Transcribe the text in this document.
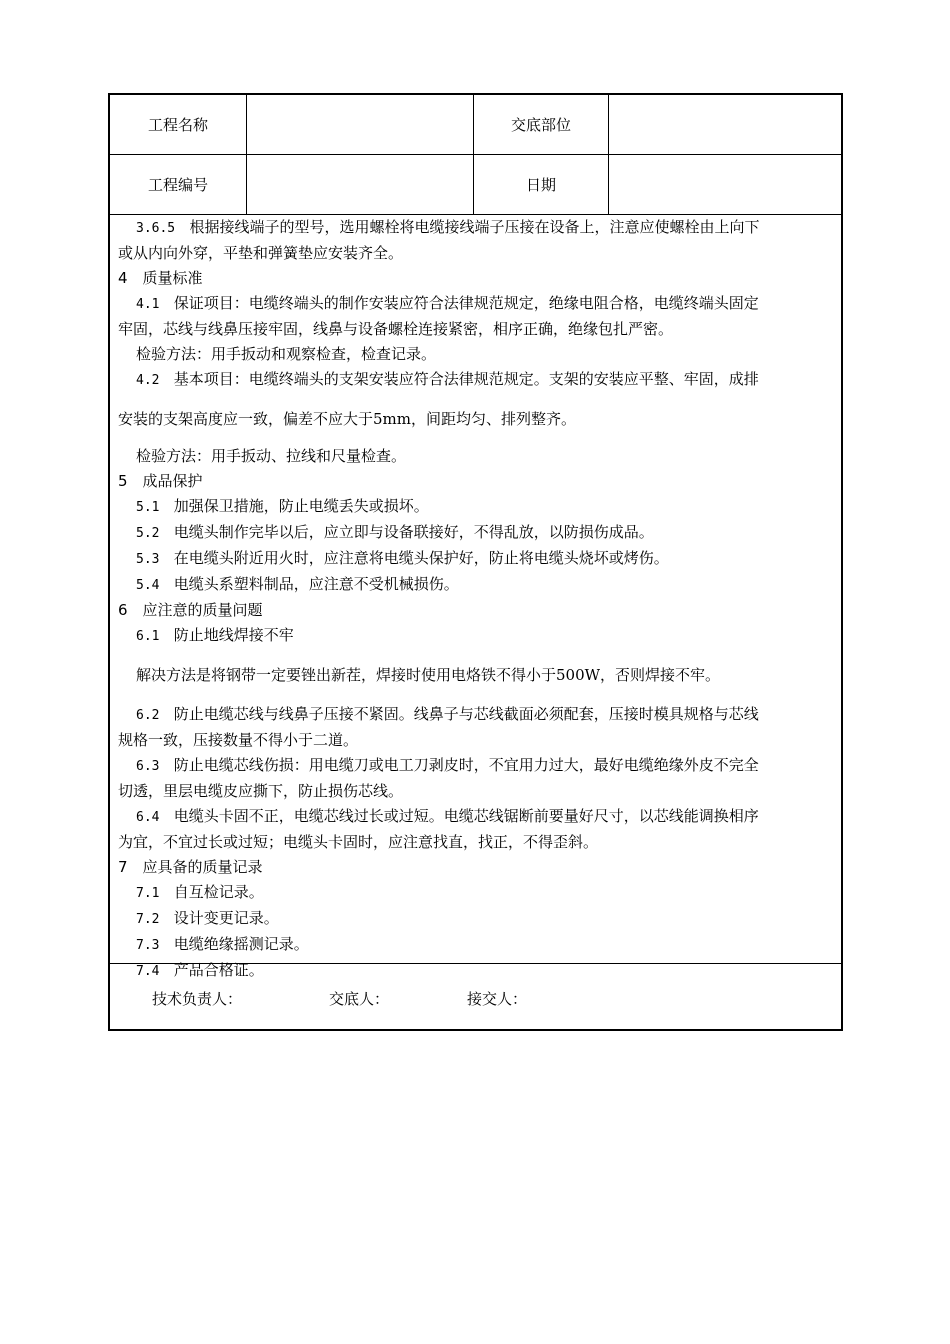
工程名称	交底部位
工程编号	日期

3.6.5 根据接线端子的型号，选用螺栓将电缆接线端子压接在设备上，注意应使螺栓由上向下

或从内向外穿，平垫和弹簧垫应安装齐全。

4　质量标准

4.1 保证项目：电缆终端头的制作安装应符合法律规范规定，绝缘电阻合格，电缆终端头固定

牢固，芯线与线鼻压接牢固，线鼻与设备螺栓连接紧密，相序正确，绝缘包扎严密。

检验方法：用手扳动和观察检查，检查记录。

4.2 基本项目：电缆终端头的支架安装应符合法律规范规定。支架的安装应平整、牢固，成排

安装的支架高度应一致，偏差不应大于5mm，间距均匀、排列整齐。

检验方法：用手扳动、拉线和尺量检查。

5　成品保护

5.1 加强保卫措施，防止电缆丢失或损坏。

5.2 电缆头制作完毕以后，应立即与设备联接好，不得乱放，以防损伤成品。

5.3 在电缆头附近用火时，应注意将电缆头保护好，防止将电缆头烧坏或烤伤。

5.4 电缆头系塑料制品，应注意不受机械损伤。

6　应注意的质量问题

6.1 防止地线焊接不牢

解决方法是将钢带一定要锉出新茬，焊接时使用电烙铁不得小于500W，否则焊接不牢。

6.2 防止电缆芯线与线鼻子压接不紧固。线鼻子与芯线截面必须配套，压接时模具规格与芯线

规格一致，压接数量不得小于二道。

6.3 防止电缆芯线伤损：用电缆刀或电工刀剥皮时，不宜用力过大，最好电缆绝缘外皮不完全

切透，里层电缆皮应撕下，防止损伤芯线。

6.4 电缆头卡固不正，电缆芯线过长或过短。电缆芯线锯断前要量好尺寸，以芯线能调换相序

为宜，不宜过长或过短；电缆头卡固时，应注意找直，找正，不得歪斜。

7　应具备的质量记录

7.1 自互检记录。

7.2 设计变更记录。

7.3 电缆绝缘摇测记录。

7.4 产品合格证。

技术负责人：	交底人：	接交人：
